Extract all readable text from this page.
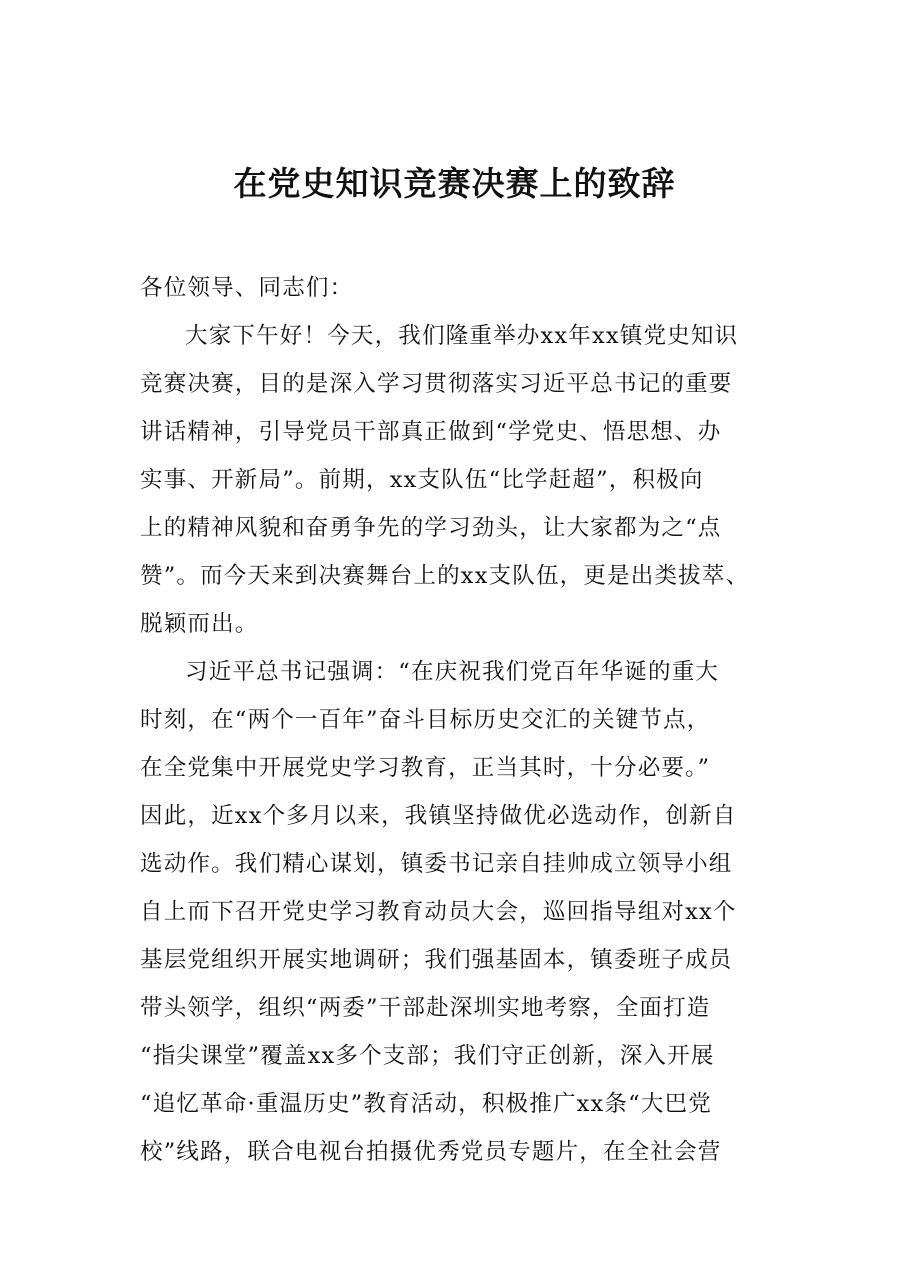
在党史知识竞赛决赛上的致辞
各位领导、同志们：
大家下午好！今天，我们隆重举办xx年xx镇党史知识
竞赛决赛，目的是深入学习贯彻落实习近平总书记的重要
讲话精神，引导党员干部真正做到“学党史、悟思想、办
实事、开新局”。前期，xx支队伍“比学赶超”，积极向
上的精神风貌和奋勇争先的学习劲头，让大家都为之“点
赞”。而今天来到决赛舞台上的xx支队伍，更是出类拔萃、
脱颖而出。
习近平总书记强调：“在庆祝我们党百年华诞的重大
时刻，在“两个一百年”奋斗目标历史交汇的关键节点，
在全党集中开展党史学习教育，正当其时，十分必要。”
因此，近xx个多月以来，我镇坚持做优必选动作，创新自
选动作。我们精心谋划，镇委书记亲自挂帅成立领导小组
自上而下召开党史学习教育动员大会，巡回指导组对xx个
基层党组织开展实地调研；我们强基固本，镇委班子成员
带头领学，组织“两委”干部赴深圳实地考察，全面打造
“指尖课堂”覆盖xx多个支部；我们守正创新，深入开展
“追忆革命·重温历史”教育活动，积极推广xx条“大巴党
校”线路，联合电视台拍摄优秀党员专题片，在全社会营
